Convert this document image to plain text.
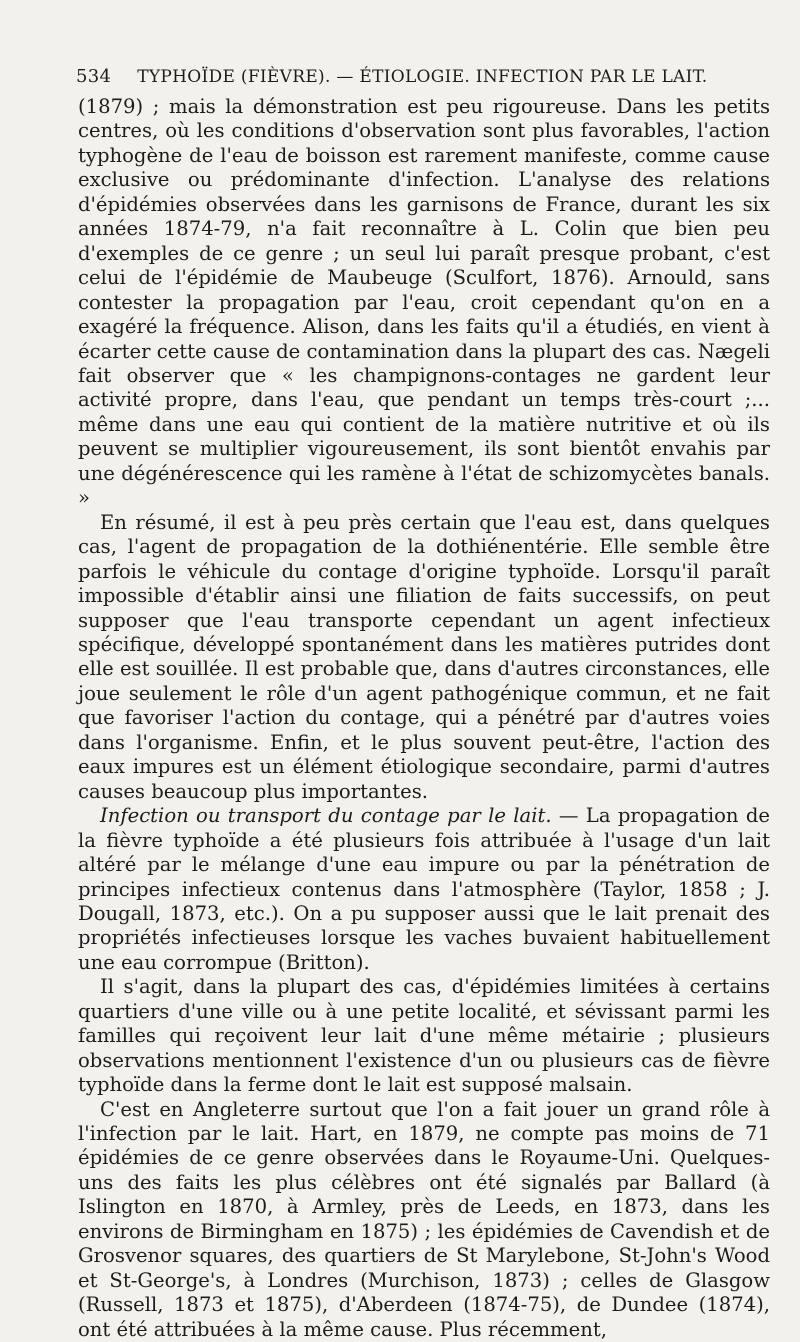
534 TYPHOÏDE (FIÈVRE). — ÉTIOLOGIE. INFECTION PAR LE LAIT.

(1879) ; mais la démonstration est peu rigoureuse. Dans les petits centres, où les conditions d'observation sont plus favorables, l'action typhogène de l'eau de boisson est rarement manifeste, comme cause exclusive ou prédominante d'infection. L'analyse des relations d'épidémies observées dans les garnisons de France, durant les six années 1874-79, n'a fait reconnaître à L. Colin que bien peu d'exemples de ce genre ; un seul lui paraît presque probant, c'est celui de l'épidémie de Maubeuge (Sculfort, 1876). Arnould, sans contester la propagation par l'eau, croit cependant qu'on en a exagéré la fréquence. Alison, dans les faits qu'il a étudiés, en vient à écarter cette cause de contamination dans la plupart des cas. Nægeli fait observer que « les champignons-contages ne gardent leur activité propre, dans l'eau, que pendant un temps très-court ;... même dans une eau qui contient de la matière nutritive et où ils peuvent se multiplier vigoureusement, ils sont bientôt envahis par une dégénérescence qui les ramène à l'état de schizomycètes banals. »

En résumé, il est à peu près certain que l'eau est, dans quelques cas, l'agent de propagation de la dothiénentérie. Elle semble être parfois le véhicule du contage d'origine typhoïde. Lorsqu'il paraît impossible d'établir ainsi une filiation de faits successifs, on peut supposer que l'eau transporte cependant un agent infectieux spécifique, développé spontanément dans les matières putrides dont elle est souillée. Il est probable que, dans d'autres circonstances, elle joue seulement le rôle d'un agent pathogénique commun, et ne fait que favoriser l'action du contage, qui a pénétré par d'autres voies dans l'organisme. Enfin, et le plus souvent peut-être, l'action des eaux impures est un élément étiologique secondaire, parmi d'autres causes beaucoup plus importantes.

Infection ou transport du contage par le lait. — La propagation de la fièvre typhoïde a été plusieurs fois attribuée à l'usage d'un lait altéré par le mélange d'une eau impure ou par la pénétration de principes infectieux contenus dans l'atmosphère (Taylor, 1858 ; J. Dougall, 1873, etc.). On a pu supposer aussi que le lait prenait des propriétés infectieuses lorsque les vaches buvaient habituellement une eau corrompue (Britton).

Il s'agit, dans la plupart des cas, d'épidémies limitées à certains quartiers d'une ville ou à une petite localité, et sévissant parmi les familles qui reçoivent leur lait d'une même métairie ; plusieurs observations mentionnent l'existence d'un ou plusieurs cas de fièvre typhoïde dans la ferme dont le lait est supposé malsain.

C'est en Angleterre surtout que l'on a fait jouer un grand rôle à l'infection par le lait. Hart, en 1879, ne compte pas moins de 71 épidémies de ce genre observées dans le Royaume-Uni. Quelques-uns des faits les plus célèbres ont été signalés par Ballard (à Islington en 1870, à Armley, près de Leeds, en 1873, dans les environs de Birmingham en 1875) ; les épidémies de Cavendish et de Grosvenor squares, des quartiers de St Marylebone, St-John's Wood et St-George's, à Londres (Murchison, 1873) ; celles de Glasgow (Russell, 1873 et 1875), d'Aberdeen (1874-75), de Dundee (1874), ont été attribuées à la même cause. Plus récemment,
